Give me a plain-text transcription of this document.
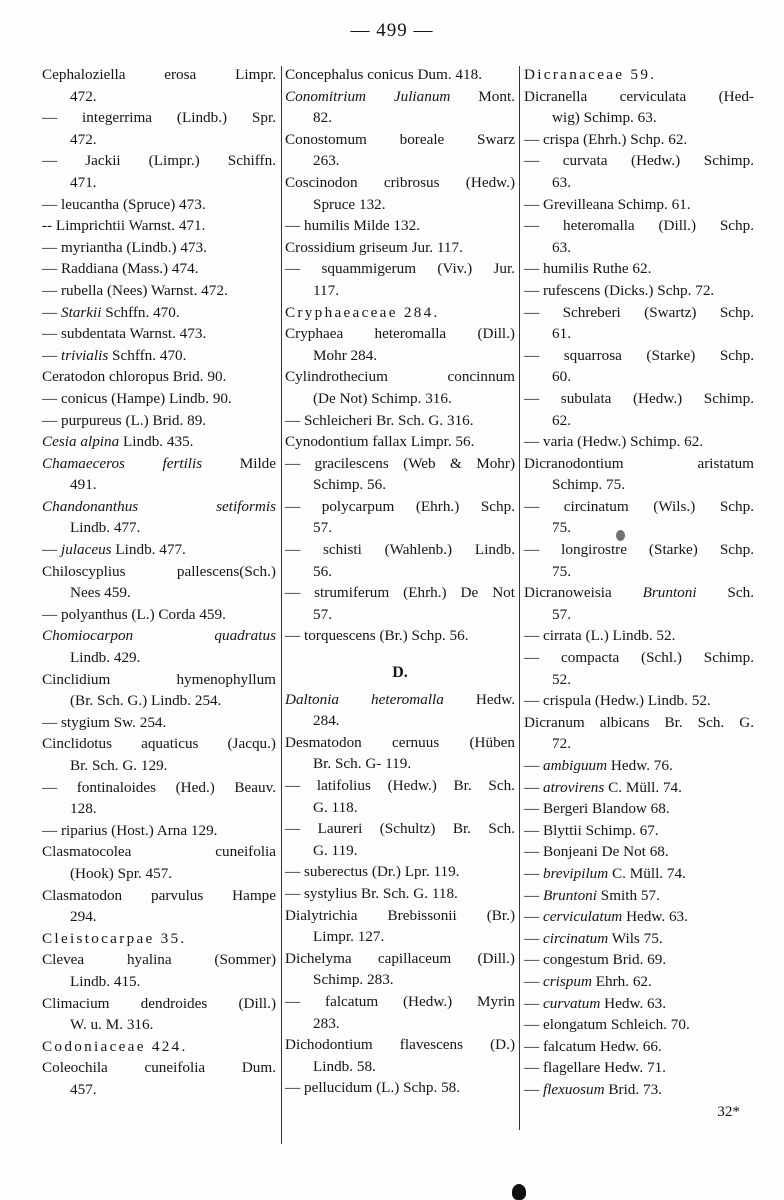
— 499 —
Cephaloziella erosa Limpr.
472.
— integerrima (Lindb.) Spr.
472.
— Jackii (Limpr.) Schiffn.
471.
— leucantha (Spruce) 473.
-- Limprichtii Warnst. 471.
— myriantha (Lindb.) 473.
— Raddiana (Mass.) 474.
— rubella (Nees) Warnst. 472.
— Starkii Schffn. 470.
— subdentata Warnst. 473.
— trivialis Schffn. 470.
Ceratodon chloropus Brid. 90.
— conicus (Hampe) Lindb. 90.
— purpureus (L.) Brid. 89.
Cesia alpina Lindb. 435.
Chamaeceros fertilis Milde
491.
Chandonanthus setiformis
Lindb. 477.
— julaceus Lindb. 477.
Chiloscyplius pallescens(Sch.)
Nees 459.
— polyanthus (L.) Corda 459.
Chomiocarpon quadratus
Lindb. 429.
Cinclidium hymenophyllum
(Br. Sch. G.) Lindb. 254.
— stygium Sw. 254.
Cinclidotus aquaticus (Jacqu.)
Br. Sch. G. 129.
— fontinaloides (Hed.) Beauv.
128.
— riparius (Host.) Arna 129.
Clasmatocolea cuneifolia
(Hook) Spr. 457.
Clasmatodon parvulus Hampe
294.
Cleistocarpae 35.
Clevea hyalina (Sommer)
Lindb. 415.
Climacium dendroides (Dill.)
W. u. M. 316.
Codoniaceae 424.
Coleochila cuneifolia Dum.
457.
Concephalus conicus Dum. 418.
Conomitrium Julianum Mont.
82.
Conostomum boreale Swarz
263.
Coscinodon cribrosus (Hedw.)
Spruce 132.
— humilis Milde 132.
Crossidium griseum Jur. 117.
— squammigerum (Viv.) Jur.
117.
Cryphaeaceae 284.
Cryphaea heteromalla (Dill.)
Mohr 284.
Cylindrothecium concinnum
(De Not) Schimp. 316.
— Schleicheri Br. Sch. G. 316.
Cynodontium fallax Limpr. 56.
— gracilescens (Web & Mohr)
Schimp. 56.
— polycarpum (Ehrh.) Schp.
57.
— schisti (Wahlenb.) Lindb.
56.
— strumiferum (Ehrh.) De Not
57.
— torquescens (Br.) Schp. 56.
D.
Daltonia heteromalla Hedw.
284.
Desmatodon cernuus (Hüben
Br. Sch. G- 119.
— latifolius (Hedw.) Br. Sch.
G. 118.
— Laureri (Schultz) Br. Sch.
G. 119.
— suberectus (Dr.) Lpr. 119.
— systylius Br. Sch. G. 118.
Dialytrichia Brebissonii (Br.)
Limpr. 127.
Dichelyma capillaceum (Dill.)
Schimp. 283.
— falcatum (Hedw.) Myrin
283.
Dichodontium flavescens (D.)
Lindb. 58.
— pellucidum (L.) Schp. 58.
Dicranaceae 59.
Dicranella cerviculata (Hed-
wig) Schimp. 63.
— crispa (Ehrh.) Schp. 62.
— curvata (Hedw.) Schimp.
63.
— Grevilleana Schimp. 61.
— heteromalla (Dill.) Schp.
63.
— humilis Ruthe 62.
— rufescens (Dicks.) Schp. 72.
— Schreberi (Swartz) Schp.
61.
— squarrosa (Starke) Schp.
60.
— subulata (Hedw.) Schimp.
62.
— varia (Hedw.) Schimp. 62.
Dicranodontium aristatum
Schimp. 75.
— circinatum (Wils.) Schp.
75.
— longirostre (Starke) Schp.
75.
Dicranoweisia Bruntoni Sch.
57.
— cirrata (L.) Lindb. 52.
— compacta (Schl.) Schimp.
52.
— crispula (Hedw.) Lindb. 52.
Dicranum albicans Br. Sch. G.
72.
— ambiguum Hedw. 76.
— atrovirens C. Müll. 74.
— Bergeri Blandow 68.
— Blyttii Schimp. 67.
— Bonjeani De Not 68.
— brevipilum C. Müll. 74.
— Bruntoni Smith 57.
— cerviculatum Hedw. 63.
— circinatum Wils 75.
— congestum Brid. 69.
— crispum Ehrh. 62.
— curvatum Hedw. 63.
— elongatum Schleich. 70.
— falcatum Hedw. 66.
— flagellare Hedw. 71.
— flexuosum Brid. 73.
32*
